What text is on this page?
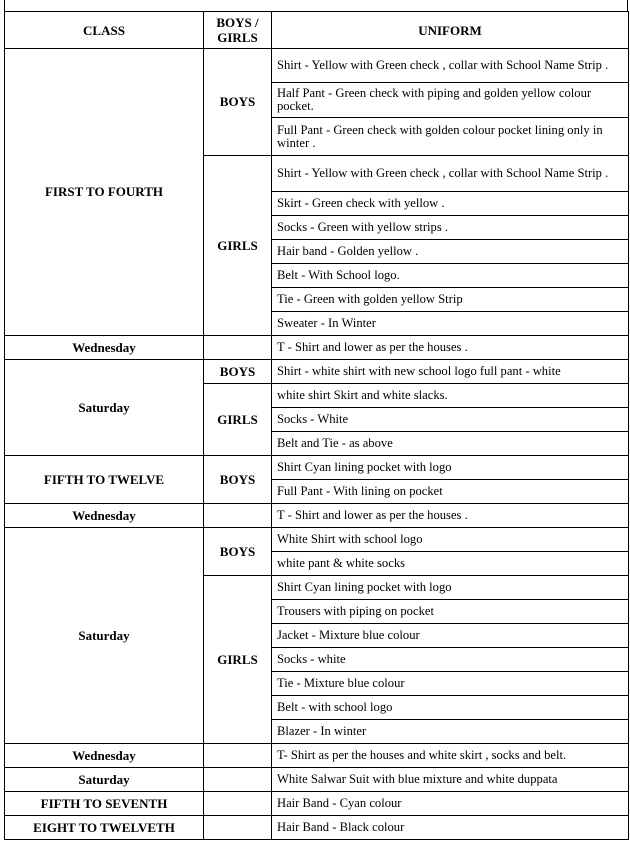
CLASS	BOYS / GIRLS	UNIFORM
FIRST TO FOURTH	BOYS	Shirt - Yellow with Green check , collar with School Name Strip .

		Half Pant - Green check with piping and golden yellow colour pocket.

		Full Pant - Green check with golden colour pocket lining only in winter .

	GIRLS	Shirt - Yellow with Green check , collar with School Name Strip .

		Skirt - Green check with yellow .

		Socks - Green with yellow strips .

		Hair band - Golden yellow .

		Belt - With School logo.

		Tie - Green with golden yellow Strip

		Sweater - In Winter

Wednesday		T - Shirt and lower as per the houses .

Saturday	BOYS	Shirt - white shirt with new school logo full pant - white

	GIRLS	white shirt Skirt and white slacks.

		Socks - White

		Belt and Tie - as above

FIFTH TO TWELVE	BOYS	Shirt Cyan lining pocket with logo

		Full Pant - With lining on pocket

Wednesday		T - Shirt and lower as per the houses .

Saturday	BOYS	White Shirt with school logo

		white pant & white socks

	GIRLS	Shirt Cyan lining pocket with logo

		Trousers with piping on pocket

		Jacket - Mixture blue colour

		Socks - white

		Tie - Mixture blue colour

		Belt - with school logo

		Blazer - In winter

Wednesday		T- Shirt as per the houses and white skirt , socks and belt.

Saturday		White Salwar Suit with blue mixture and white duppata

FIFTH TO SEVENTH		Hair Band - Cyan colour

EIGHT TO TWELVETH		Hair Band - Black colour
